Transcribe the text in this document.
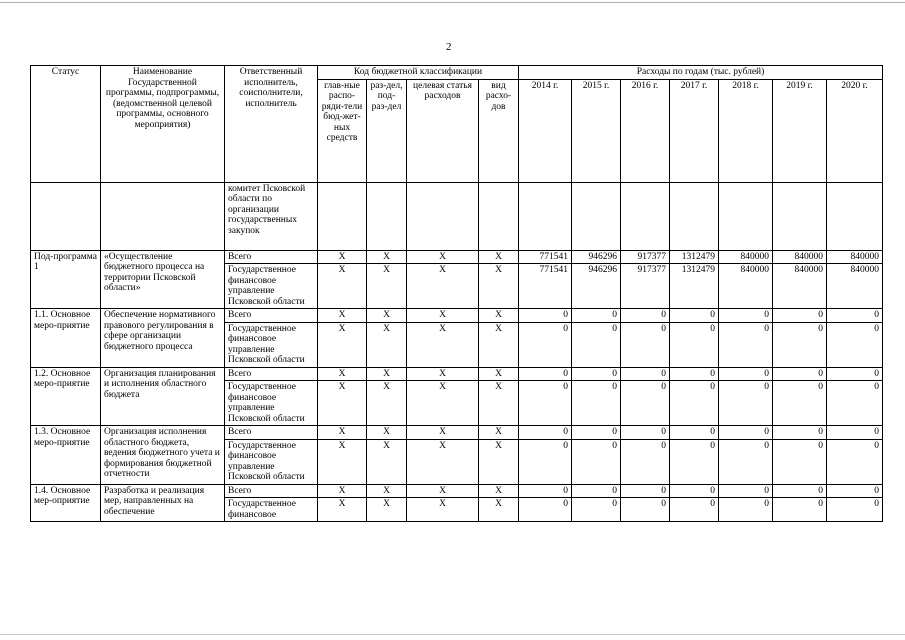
2
Статус	Наименование Государственной программы, подпрограммы, (ведомственной целевой программы, основного мероприятия)	Ответственный исполнитель, соисполнители, исполнитель	Код бюджетной классификации				Расходы по годам (тыс. рублей)						
			глав-ные распо-ряди-тели бюд-жет-ных средств	раз-дел, под-раз-дел	целевая статья расходов	вид расхо-дов	2014 г.	2015 г.	2016 г.	2017 г.	2018 г.	2019 г.	2020 г.
		комитет Псковской области по организации государственных закупок											
Под-программа 1	«Осуществление бюджетного процесса на территории Псковской области»	Всего	X	X	X	X	771541	946296	917377	1312479	840000	840000	840000
		Государственное финансовое управление Псковской области	X	X	X	X	771541	946296	917377	1312479	840000	840000	840000
1.1. Основное меро-приятие	Обеспечение нормативного правового регулирования в сфере организации бюджетного процесса	Всего	X	X	X	X	0	0	0	0	0	0	0
		Государственное финансовое управление Псковской области	X	X	X	X	0	0	0	0	0	0	0
1.2. Основное меро-приятие	Организация планирования и исполнения областного бюджета	Всего	X	X	X	X	0	0	0	0	0	0	0
		Государственное финансовое управление Псковской области	X	X	X	X	0	0	0	0	0	0	0
1.3. Основное меро-приятие	Организация исполнения областного бюджета, ведения бюджетного учета и формирования бюджетной отчетности	Всего	X	X	X	X	0	0	0	0	0	0	0
		Государственное финансовое управление Псковской области	X	X	X	X	0	0	0	0	0	0	0
1.4. Основное мер-оприятие	Разработка и реализация мер, направленных на обеспечение	Всего	X	X	X	X	0	0	0	0	0	0	0
		Государственное финансовое	X	X	X	X	0	0	0	0	0	0	0
